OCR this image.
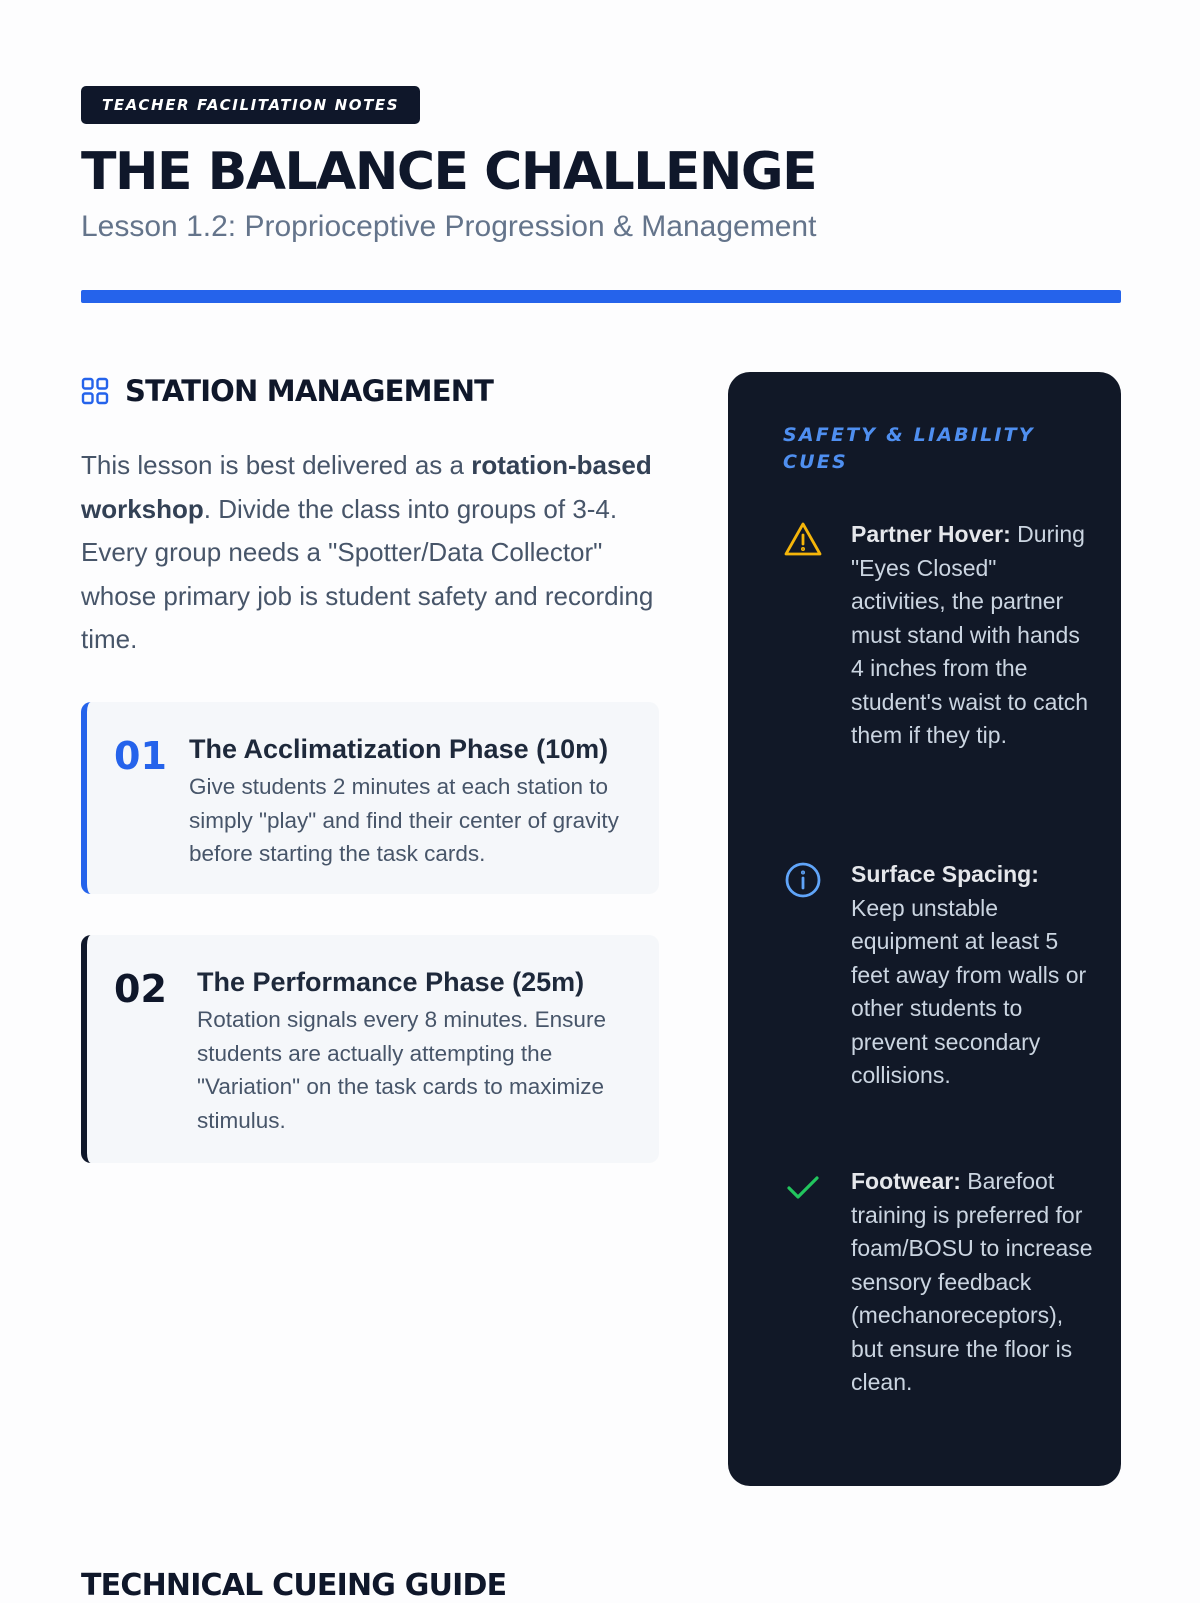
TEACHER FACILITATION NOTES
THE BALANCE CHALLENGE

Lesson 1.2: Proprioceptive Progression & Management

STATION MANAGEMENT

This lesson is best delivered as a rotation-based workshop. Divide the class into groups of 3-4. Every group needs a "Spotter/Data Collector" whose primary job is student safety and recording time.

01 The Acclimatization Phase (10m)
Give students 2 minutes at each station to simply "play" and find their center of gravity before starting the task cards.
02 The Performance Phase (25m)
Rotation signals every 8 minutes. Ensure students are actually attempting the "Variation" on the task cards to maximize stimulus.
SAFETY & LIABILITY CUES
Partner Hover: During "Eyes Closed" activities, the partner must stand with hands 4 inches from the student's waist to catch them if they tip.
Surface Spacing: Keep unstable equipment at least 5 feet away from walls or other students to prevent secondary collisions.
Footwear: Barefoot training is preferred for foam/BOSU to increase sensory feedback (mechanoreceptors), but ensure the floor is clean.
TECHNICAL CUEING GUIDE
